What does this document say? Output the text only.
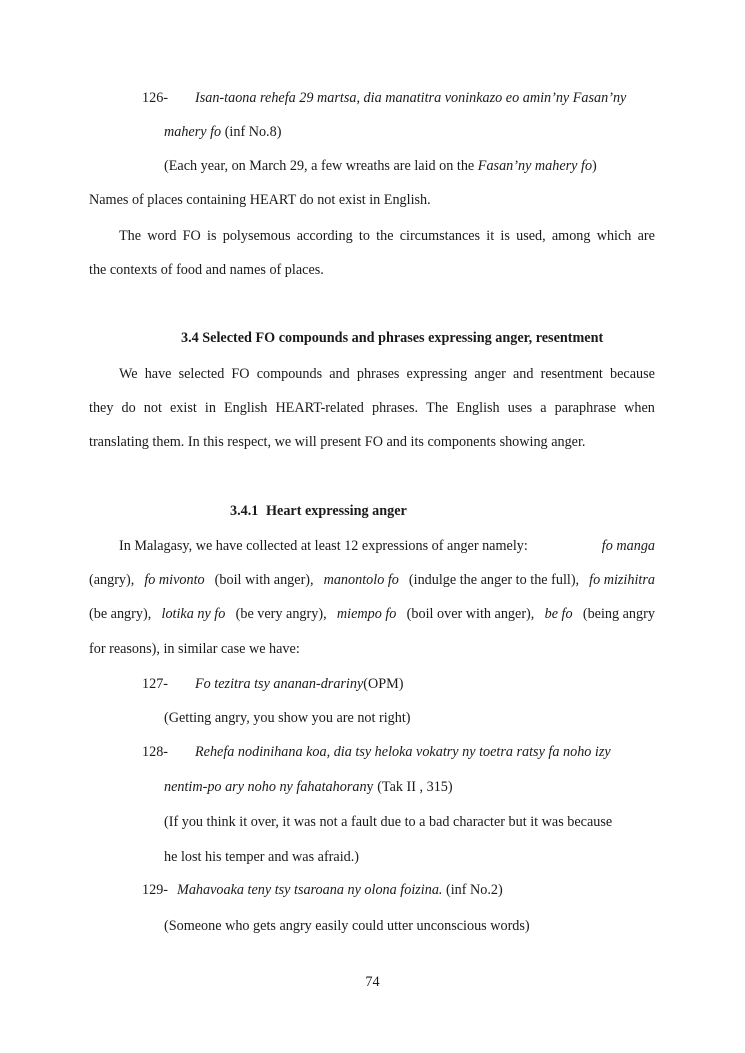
126- Isan-taona rehefa 29 martsa, dia manatitra voninkazo eo amin’ny Fasan’ny
mahery fo (inf No.8)
(Each year, on March 29, a few wreaths are laid on the Fasan’ny mahery fo)
Names of places containing HEART do not exist in English.
The word FO is polysemous according to the circumstances it is used, among which are
the contexts of food and names of places.
3.4 Selected FO compounds and phrases expressing anger, resentment
We have selected FO compounds and phrases expressing anger and resentment because
they do not exist in English HEART-related phrases. The English uses a paraphrase when
translating them. In this respect, we will present FO and its components showing anger.
3.4.1 Heart expressing anger
In Malagasy, we have collected at least 12 expressions of anger namely:	fo manga
(angry), fo mivonto (boil with anger), manontolo fo (indulge the anger to the full), fo mizihitra
(be angry), lotika ny fo (be very angry), miempo fo (boil over with anger), be fo (being angry
for reasons), in similar case we have:
127- Fo tezitra tsy ananan-drariny(OPM)
(Getting angry, you show you are not right)
128- Rehefa nodinihana koa, dia tsy heloka vokatry ny toetra ratsy fa noho izy
nentim-po ary noho ny fahatahorany (Tak II , 315)
(If you think it over, it was not a fault due to a bad character but it was because
he lost his temper and was afraid.)
129- Mahavoaka teny tsy tsaroana ny olona foizina. (inf No.2)
(Someone who gets angry easily could utter unconscious words)
74
